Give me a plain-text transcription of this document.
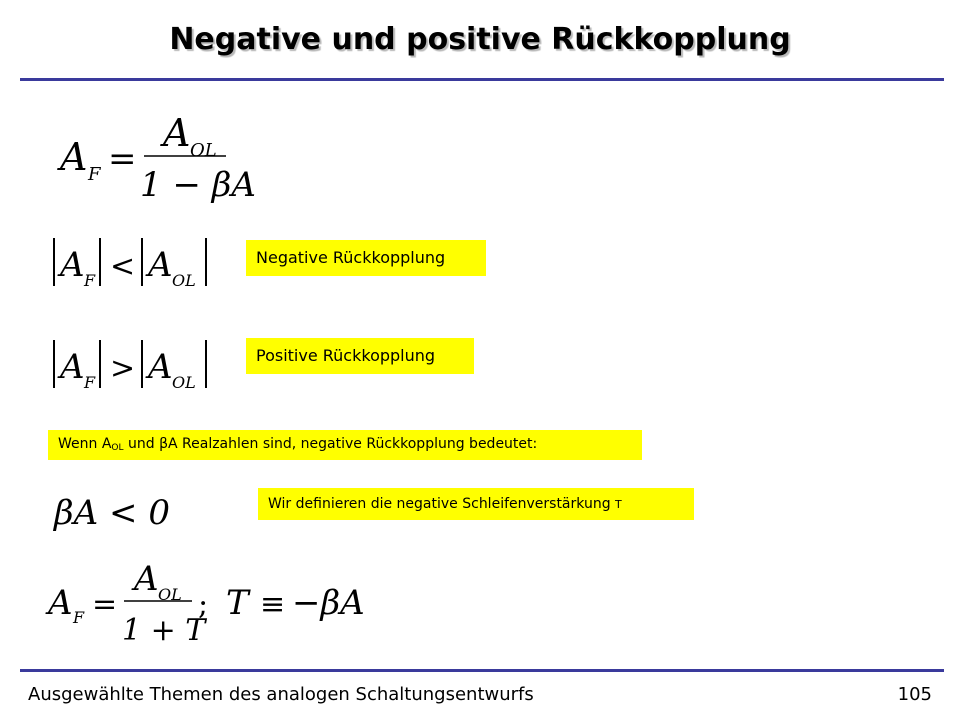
Negative und positive Rückkopplung
A F =
A OL
1 − βA
A F < A OL
Negative Rückkopplung
A F > A OL
Positive Rückkopplung
Wenn $A_{OL}$ und βA Realzahlen sind, negative Rückkopplung bedeutet:
βA < 0	Wir definieren die negative Schleifenverstärkung T
A F =
A OL
1 + T
; T ≡ −βA
Ausgewählte Themen des analogen Schaltungsentwurfs	105
